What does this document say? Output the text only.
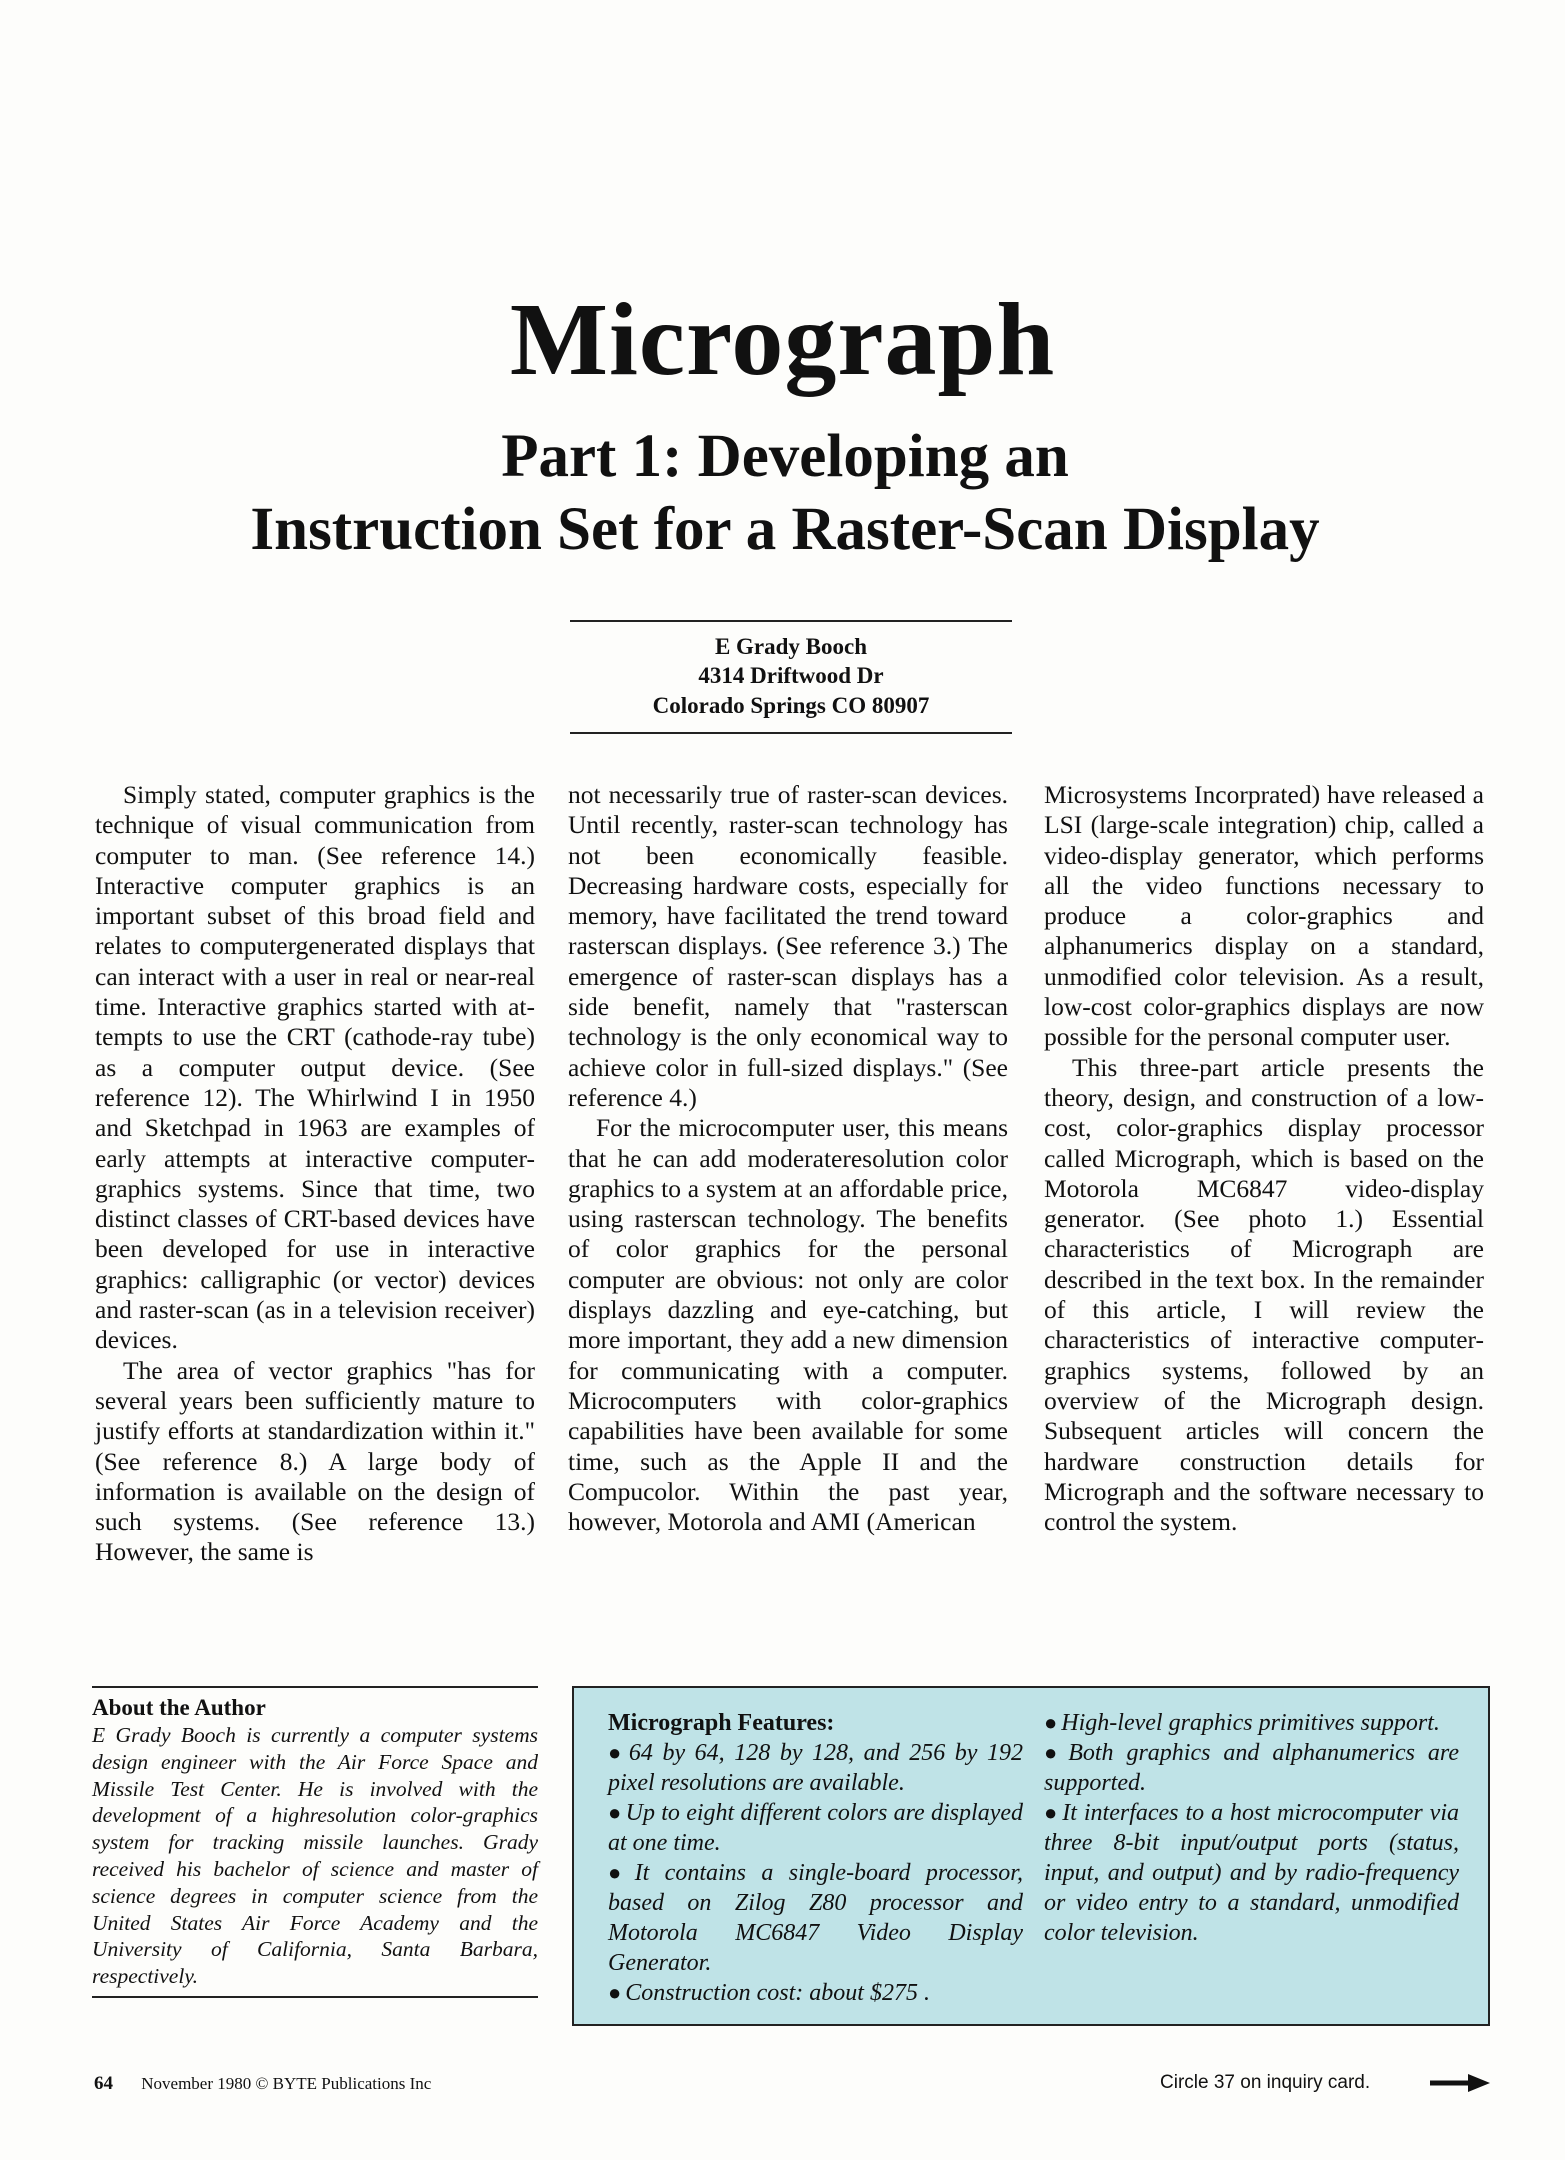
Micrograph
Part 1: Developing an
Instruction Set for a Raster-Scan Display
E Grady Booch
4314 Driftwood Dr
Colorado Springs CO 80907

Simply stated, computer graphics is the technique of visual communication from computer to man. (See reference 14.) Interactive computer graphics is an important subset of this broad field and relates to computergenerated displays that can interact with a user in real or near-real time. Interactive graphics started with attempts to use the CRT (cathode-ray tube) as a computer output device. (See reference 12). The Whirlwind I in 1950 and Sketchpad in 1963 are examples of early attempts at interactive computer-graphics systems. Since that time, two distinct classes of CRT-based devices have been developed for use in interactive graphics: calligraphic (or vector) devices and raster-scan (as in a television receiver) devices.

The area of vector graphics "has for several years been sufficiently mature to justify efforts at standardization within it." (See reference 8.) A large body of information is available on the design of such systems. (See reference 13.) However, the same is

not necessarily true of raster-scan devices. Until recently, raster-scan technology has not been economically feasible. Decreasing hardware costs, especially for memory, have facilitated the trend toward rasterscan displays. (See reference 3.) The emergence of raster-scan displays has a side benefit, namely that "rasterscan technology is the only economical way to achieve color in full-sized displays." (See reference 4.)

For the microcomputer user, this means that he can add moderateresolution color graphics to a system at an affordable price, using rasterscan technology. The benefits of color graphics for the personal computer are obvious: not only are color displays dazzling and eye-catching, but more important, they add a new dimension for communicating with a computer. Microcomputers with color-graphics capabilities have been available for some time, such as the Apple II and the Compucolor. Within the past year, however, Motorola and AMI (American

Microsystems Incorprated) have released a LSI (large-scale integration) chip, called a video-display generator, which performs all the video functions necessary to produce a color-graphics and alphanumerics display on a standard, unmodified color television. As a result, low-cost color-graphics displays are now possible for the personal computer user.

This three-part article presents the theory, design, and construction of a low-cost, color-graphics display processor called Micrograph, which is based on the Motorola MC6847 video-display generator. (See photo 1.) Essential characteristics of Micrograph are described in the text box. In the remainder of this article, I will review the characteristics of interactive computer-graphics systems, followed by an overview of the Micrograph design. Subsequent articles will concern the hardware construction details for Micrograph and the software necessary to control the system.

About the Author
E Grady Booch is currently a computer systems design engineer with the Air Force Space and Missile Test Center. He is involved with the development of a highresolution color-graphics system for tracking missile launches. Grady received his bachelor of science and master of science degrees in computer science from the United States Air Force Academy and the University of California, Santa Barbara, respectively.
Micrograph Features:

● 64 by 64, 128 by 128, and 256 by 192 pixel resolutions are available.

● Up to eight different colors are displayed at one time.

● It contains a single-board processor, based on Zilog Z80 processor and Motorola MC6847 Video Display Generator.

● Construction cost: about $275 .

● High-level graphics primitives support.

● Both graphics and alphanumerics are supported.

● It interfaces to a host microcomputer via three 8-bit input/output ports (status, input, and output) and by radio-frequency or video entry to a standard, unmodified color television.

64 November 1980 © BYTE Publications Inc	Circle 37 on inquiry card.
